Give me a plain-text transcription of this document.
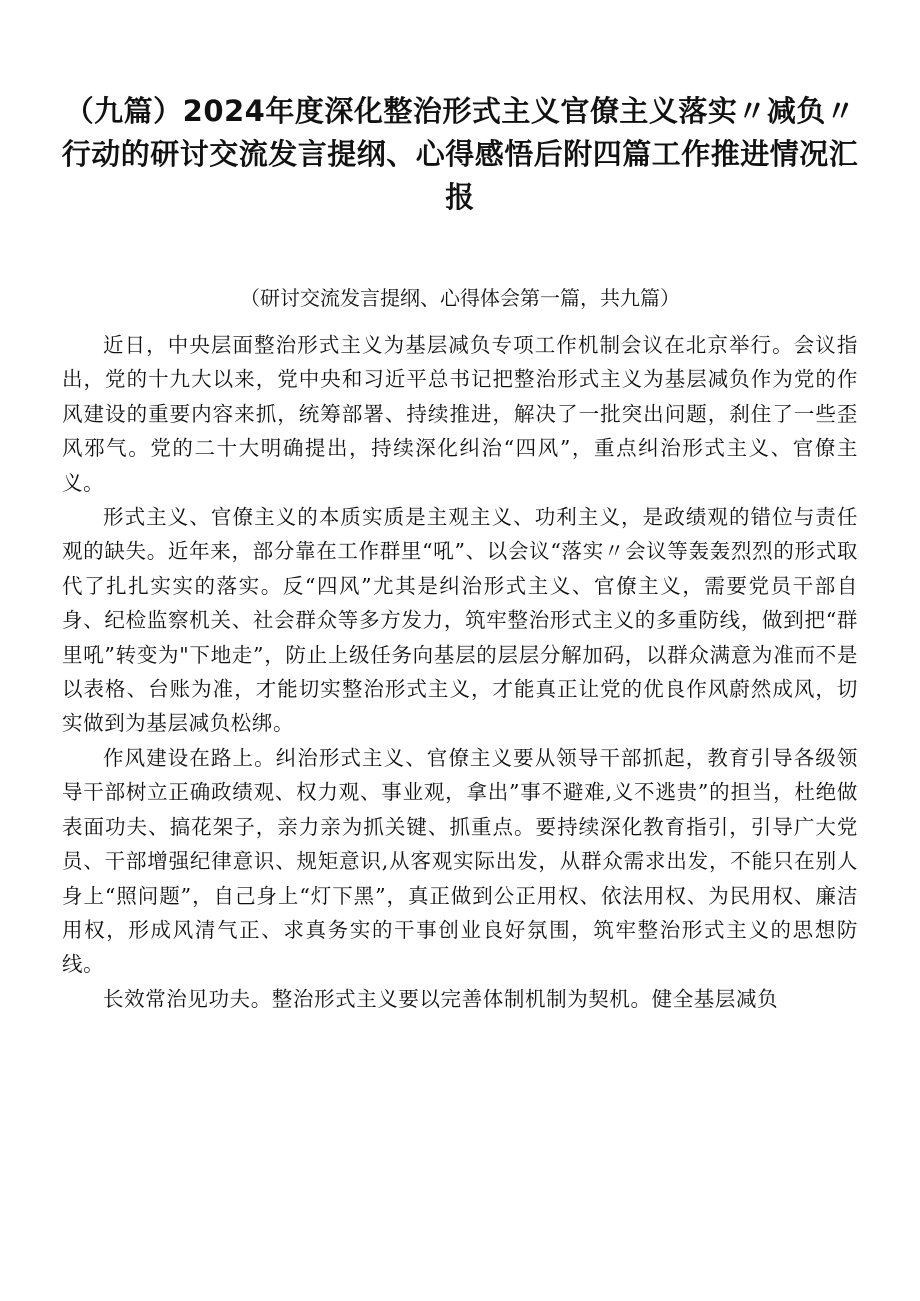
（九篇）2024年度深化整治形式主义官僚主义落实〃减负〃行动的研讨交流发言提纲、心得感悟后附四篇工作推进情况汇报

（研讨交流发言提纲、心得体会第一篇，共九篇）

近日，中央层面整治形式主义为基层减负专项工作机制会议在北京举行。会议指出，党的十九大以来，党中央和习近平总书记把整治形式主义为基层减负作为党的作风建设的重要内容来抓，统筹部署、持续推进，解决了一批突出问题，刹住了一些歪风邪气。党的二十大明确提出，持续深化纠治“四风”，重点纠治形式主义、官僚主义。

形式主义、官僚主义的本质实质是主观主义、功利主义，是政绩观的错位与责任观的缺失。近年来，部分靠在工作群里“吼”、以会议“落实〃会议等轰轰烈烈的形式取代了扎扎实实的落实。反“四风”尤其是纠治形式主义、官僚主义，需要党员干部自身、纪检监察机关、社会群众等多方发力，筑牢整治形式主义的多重防线，做到把“群里吼”转变为"下地走”，防止上级任务向基层的层层分解加码，以群众满意为准而不是以表格、台账为准，才能切实整治形式主义，才能真正让党的优良作风蔚然成风，切实做到为基层减负松绑。

作风建设在路上。纠治形式主义、官僚主义要从领导干部抓起，教育引导各级领导干部树立正确政绩观、权力观、事业观，拿出”事不避难,义不逃贵”的担当，杜绝做表面功夫、搞花架子，亲力亲为抓关键、抓重点。要持续深化教育指引，引导广大党员、干部增强纪律意识、规矩意识,从客观实际出发，从群众需求出发，不能只在别人身上“照问题”，自己身上“灯下黑”，真正做到公正用权、依法用权、为民用权、廉洁用权，形成风清气正、求真务实的干事创业良好氛围，筑牢整治形式主义的思想防线。

长效常治见功夫。整治形式主义要以完善体制机制为契机。健全基层减负
